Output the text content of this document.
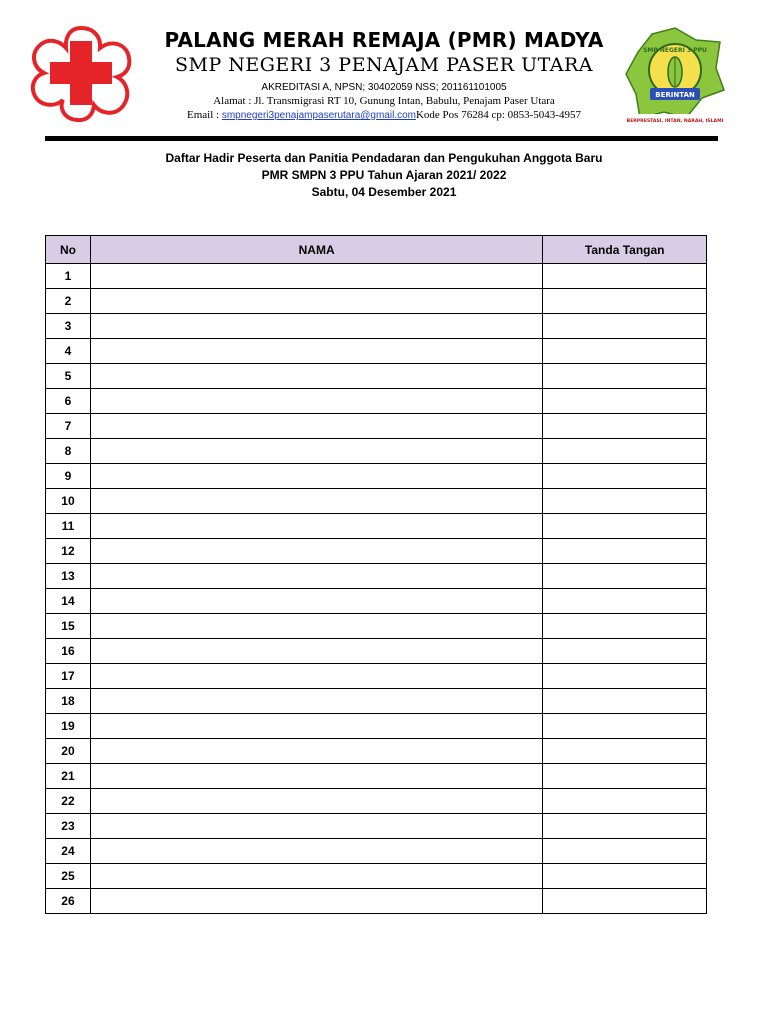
PALANG MERAH REMAJA (PMR) MADYA
SMP NEGERI 3 PENAJAM PASER UTARA
AKREDITASI A, NPSN; 30402059 NSS; 201161101005
Alamat : Jl. Transmigrasi RT 10, Gunung Intan, Babulu, Penajam Paser Utara
Email : smpnegeri3penajampaserutara@gmail.comKode Pos 76284 cp: 0853-5043-4957
SMP NEGERI 3 PPU
BERINTAN
BERPRESTASI, INTAN, NARAH, ISLAMI
Daftar Hadir Peserta dan Panitia Pendadaran dan Pengukuhan Anggota Baru
PMR SMPN 3 PPU Tahun Ajaran 2021/ 2022
Sabtu, 04 Desember 2021
No	NAMA	Tanda Tangan
1		
2		
3		
4		
5		
6		
7		
8		
9		
10		
11		
12		
13		
14		
15		
16		
17		
18		
19		
20		
21		
22		
23		
24		
25		
26		
